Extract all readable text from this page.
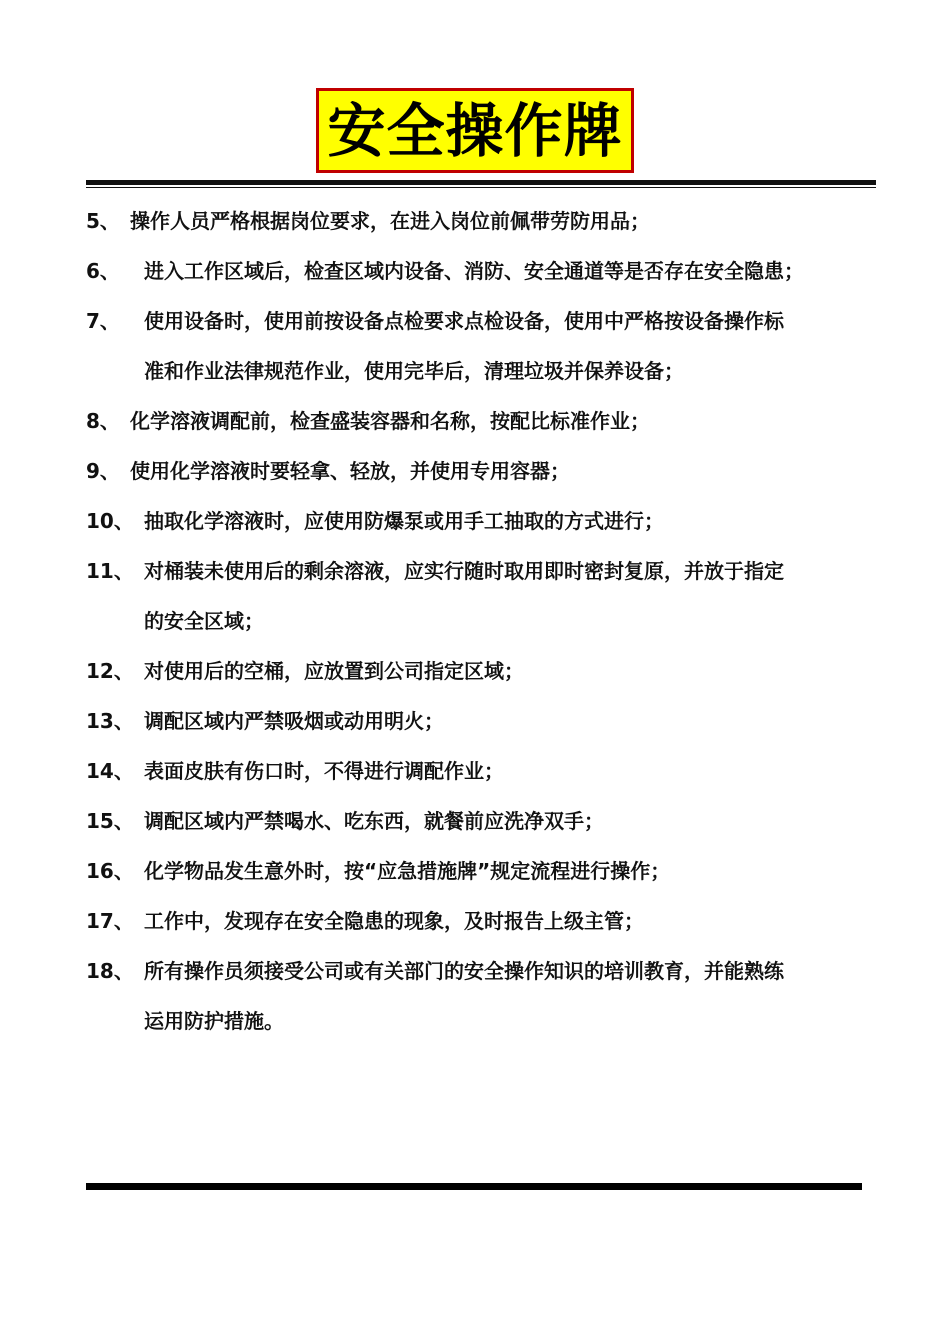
安全操作牌
5、 操作人员严格根据岗位要求，在进入岗位前佩带劳防用品；
6、 进入工作区域后，检查区域内设备、消防、安全通道等是否存在安全隐患；
7、 使用设备时，使用前按设备点检要求点检设备，使用中严格按设备操作标
准和作业法律规范作业，使用完毕后，清理垃圾并保养设备；
8、 化学溶液调配前，检查盛装容器和名称，按配比标准作业；
9、 使用化学溶液时要轻拿、轻放，并使用专用容器；
10、 抽取化学溶液时，应使用防爆泵或用手工抽取的方式进行；
11、 对桶装未使用后的剩余溶液，应实行随时取用即时密封复原，并放于指定
的安全区域；
12、 对使用后的空桶，应放置到公司指定区域；
13、 调配区域内严禁吸烟或动用明火；
14、 表面皮肤有伤口时，不得进行调配作业；
15、 调配区域内严禁喝水、吃东西，就餐前应洗净双手；
16、 化学物品发生意外时，按“应急措施牌”规定流程进行操作；
17、 工作中，发现存在安全隐患的现象，及时报告上级主管；
18、 所有操作员须接受公司或有关部门的安全操作知识的培训教育，并能熟练
运用防护措施。
